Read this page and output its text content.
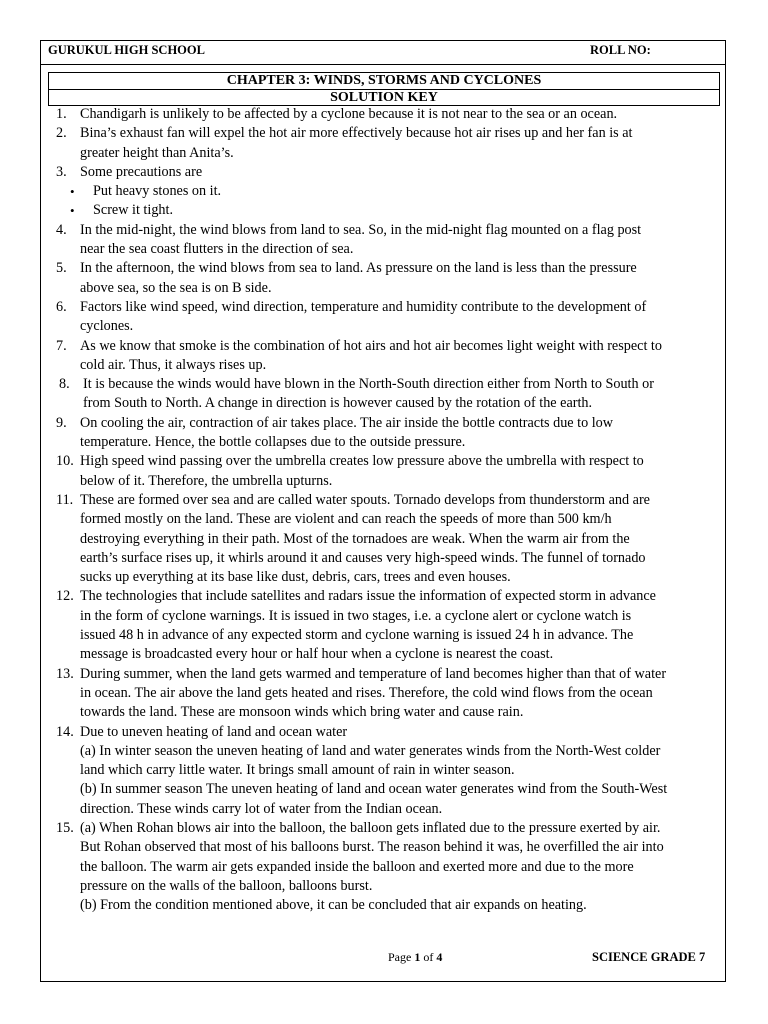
GURUKUL HIGH SCHOOL	ROLL NO:
CHAPTER 3: WINDS, STORMS AND CYCLONES
SOLUTION KEY
1. Chandigarh is unlikely to be affected by a cyclone because it is not near to the sea or an ocean.
2. Bina’s exhaust fan will expel the hot air more effectively because hot air rises up and her fan is at
greater height than Anita’s.
3. Some precautions are
• Put heavy stones on it.
• Screw it tight.
4. In the mid-night, the wind blows from land to sea. So, in the mid-night flag mounted on a flag post
near the sea coast flutters in the direction of sea.
5. In the afternoon, the wind blows from sea to land. As pressure on the land is less than the pressure
above sea, so the sea is on B side.
6. Factors like wind speed, wind direction, temperature and humidity contribute to the development of
cyclones.
7. As we know that smoke is the combination of hot airs and hot air becomes light weight with respect to
cold air. Thus, it always rises up.
8. It is because the winds would have blown in the North-South direction either from North to South or
from South to North. A change in direction is however caused by the rotation of the earth.
9. On cooling the air, contraction of air takes place. The air inside the bottle contracts due to low
temperature. Hence, the bottle collapses due to the outside pressure.
10. High speed wind passing over the umbrella creates low pressure above the umbrella with respect to
below of it. Therefore, the umbrella upturns.
11. These are formed over sea and are called water spouts. Tornado develops from thunderstorm and are
formed mostly on the land. These are violent and can reach the speeds of more than 500 km/h
destroying everything in their path. Most of the tornadoes are weak. When the warm air from the
earth’s surface rises up, it whirls around it and causes very high-speed winds. The funnel of tornado
sucks up everything at its base like dust, debris, cars, trees and even houses.
12. The technologies that include satellites and radars issue the information of expected storm in advance
in the form of cyclone warnings. It is issued in two stages, i.e. a cyclone alert or cyclone watch is
issued 48 h in advance of any expected storm and cyclone warning is issued 24 h in advance. The
message is broadcasted every hour or half hour when a cyclone is nearest the coast.
13. During summer, when the land gets warmed and temperature of land becomes higher than that of water
in ocean. The air above the land gets heated and rises. Therefore, the cold wind flows from the ocean
towards the land. These are monsoon winds which bring water and cause rain.
14. Due to uneven heating of land and ocean water
(a) In winter season the uneven heating of land and water generates winds from the North-West colder
land which carry little water. It brings small amount of rain in winter season.
(b) In summer season The uneven heating of land and ocean water generates wind from the South-West
direction. These winds carry lot of water from the Indian ocean.
15. (a) When Rohan blows air into the balloon, the balloon gets inflated due to the pressure exerted by air.
But Rohan observed that most of his balloons burst. The reason behind it was, he overfilled the air into
the balloon. The warm air gets expanded inside the balloon and exerted more and due to the more
pressure on the walls of the balloon, balloons burst.
(b) From the condition mentioned above, it can be concluded that air expands on heating.
Page 1 of 4	SCIENCE GRADE 7
